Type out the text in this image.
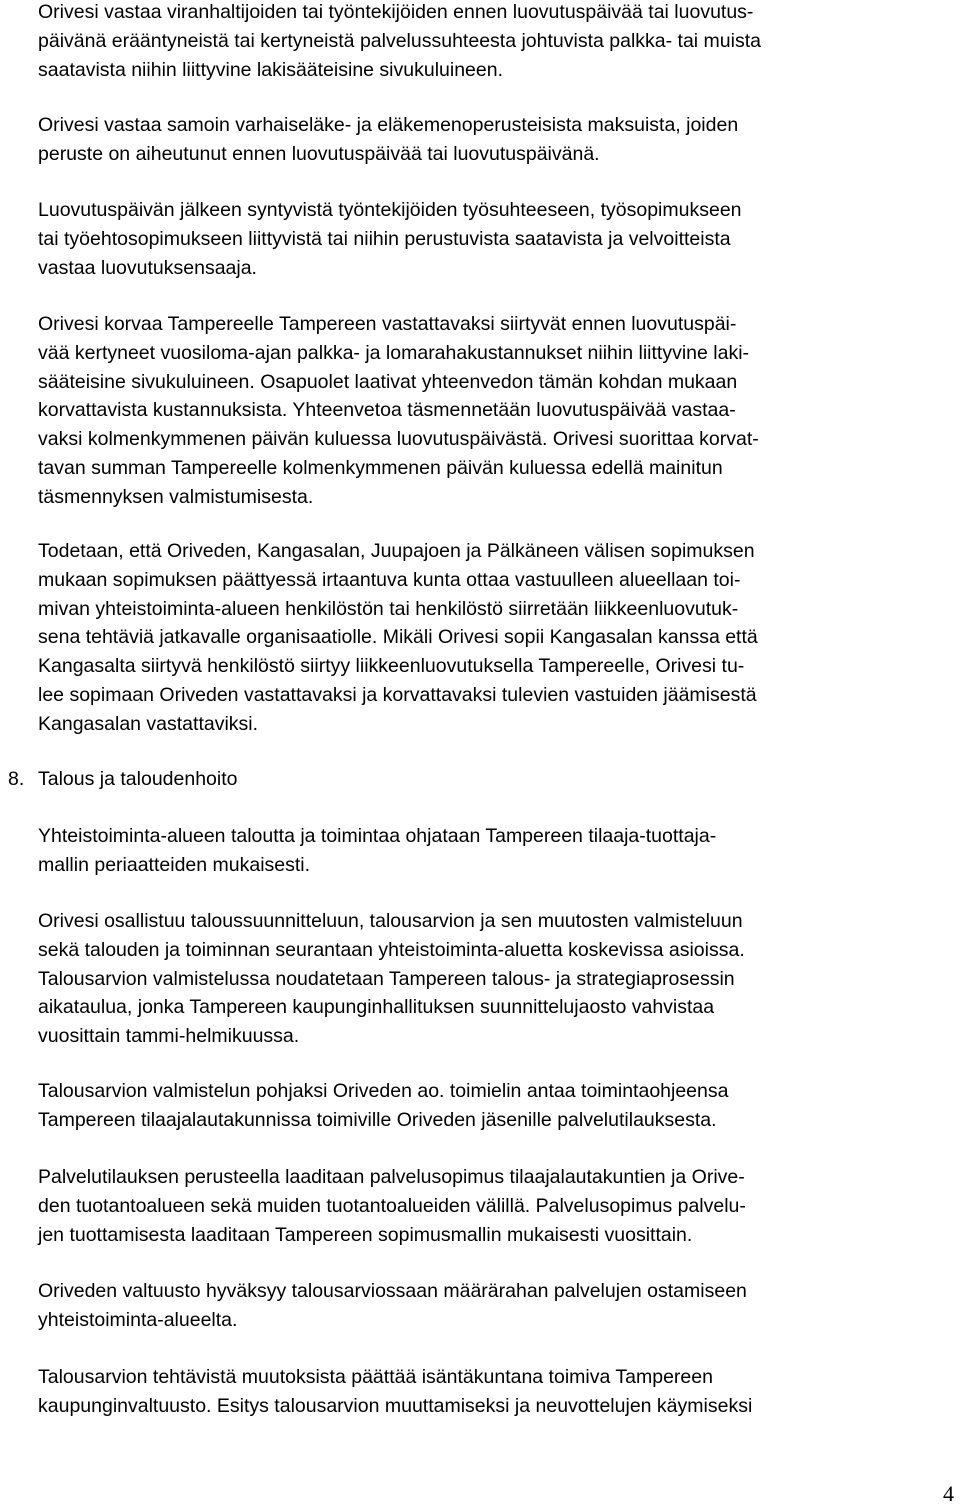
Orivesi vastaa viranhaltijoiden tai työntekijöiden ennen luovutuspäivää tai luovutus-
päivänä erääntyneistä tai kertyneistä palvelussuhteesta johtuvista palkka- tai muista
saatavista niihin liittyvine lakisääteisine sivukuluineen.

Orivesi vastaa samoin varhaiseläke- ja eläkemenoperusteisista maksuista, joiden
peruste on aiheutunut ennen luovutuspäivää tai luovutuspäivänä.

Luovutuspäivän jälkeen syntyvistä työntekijöiden työsuhteeseen, työsopimukseen
tai työehtosopimukseen liittyvistä tai niihin perustuvista saatavista ja velvoitteista
vastaa luovutuksensaaja.

Orivesi korvaa Tampereelle Tampereen vastattavaksi siirtyvät ennen luovutuspäi-
vää kertyneet vuosiloma-ajan palkka- ja lomarahakustannukset niihin liittyvine laki-
sääteisine sivukuluineen. Osapuolet laativat yhteenvedon tämän kohdan mukaan
korvattavista kustannuksista. Yhteenvetoa täsmennetään luovutuspäivää vastaa-
vaksi kolmenkymmenen päivän kuluessa luovutuspäivästä. Orivesi suorittaa korvat-
tavan summan Tampereelle kolmenkymmenen päivän kuluessa edellä mainitun
täsmennyksen valmistumisesta.

Todetaan, että Oriveden, Kangasalan, Juupajoen ja Pälkäneen välisen sopimuksen
mukaan sopimuksen päättyessä irtaantuva kunta ottaa vastuulleen alueellaan toi-
mivan yhteistoiminta-alueen henkilöstön tai henkilöstö siirretään liikkeenluovutuk-
sena tehtäviä jatkavalle organisaatiolle. Mikäli Orivesi sopii Kangasalan kanssa että
Kangasalta siirtyvä henkilöstö siirtyy liikkeenluovutuksella Tampereelle, Orivesi tu-
lee sopimaan Oriveden vastattavaksi ja korvattavaksi tulevien vastuiden jäämisestä
Kangasalan vastattaviksi.

8. Talous ja taloudenhoito

Yhteistoiminta-alueen taloutta ja toimintaa ohjataan Tampereen tilaaja-tuottaja-
mallin periaatteiden mukaisesti.

Orivesi osallistuu taloussuunnitteluun, talousarvion ja sen muutosten valmisteluun
sekä talouden ja toiminnan seurantaan yhteistoiminta-aluetta koskevissa asioissa.
Talousarvion valmistelussa noudatetaan Tampereen talous- ja strategiaprosessin
aikataulua, jonka Tampereen kaupunginhallituksen suunnittelujaosto vahvistaa
vuosittain tammi-helmikuussa.

Talousarvion valmistelun pohjaksi Oriveden ao. toimielin antaa toimintaohjeensa
Tampereen tilaajalautakunnissa toimiville Oriveden jäsenille palvelutilauksesta.

Palvelutilauksen perusteella laaditaan palvelusopimus tilaajalautakuntien ja Orive-
den tuotantoalueen sekä muiden tuotantoalueiden välillä. Palvelusopimus palvelu-
jen tuottamisesta laaditaan Tampereen sopimusmallin mukaisesti vuosittain.

Oriveden valtuusto hyväksyy talousarviossaan määrärahan palvelujen ostamiseen
yhteistoiminta-alueelta.

Talousarvion tehtävistä muutoksista päättää isäntäkuntana toimiva Tampereen
kaupunginvaltuusto. Esitys talousarvion muuttamiseksi ja neuvottelujen käymiseksi

4
